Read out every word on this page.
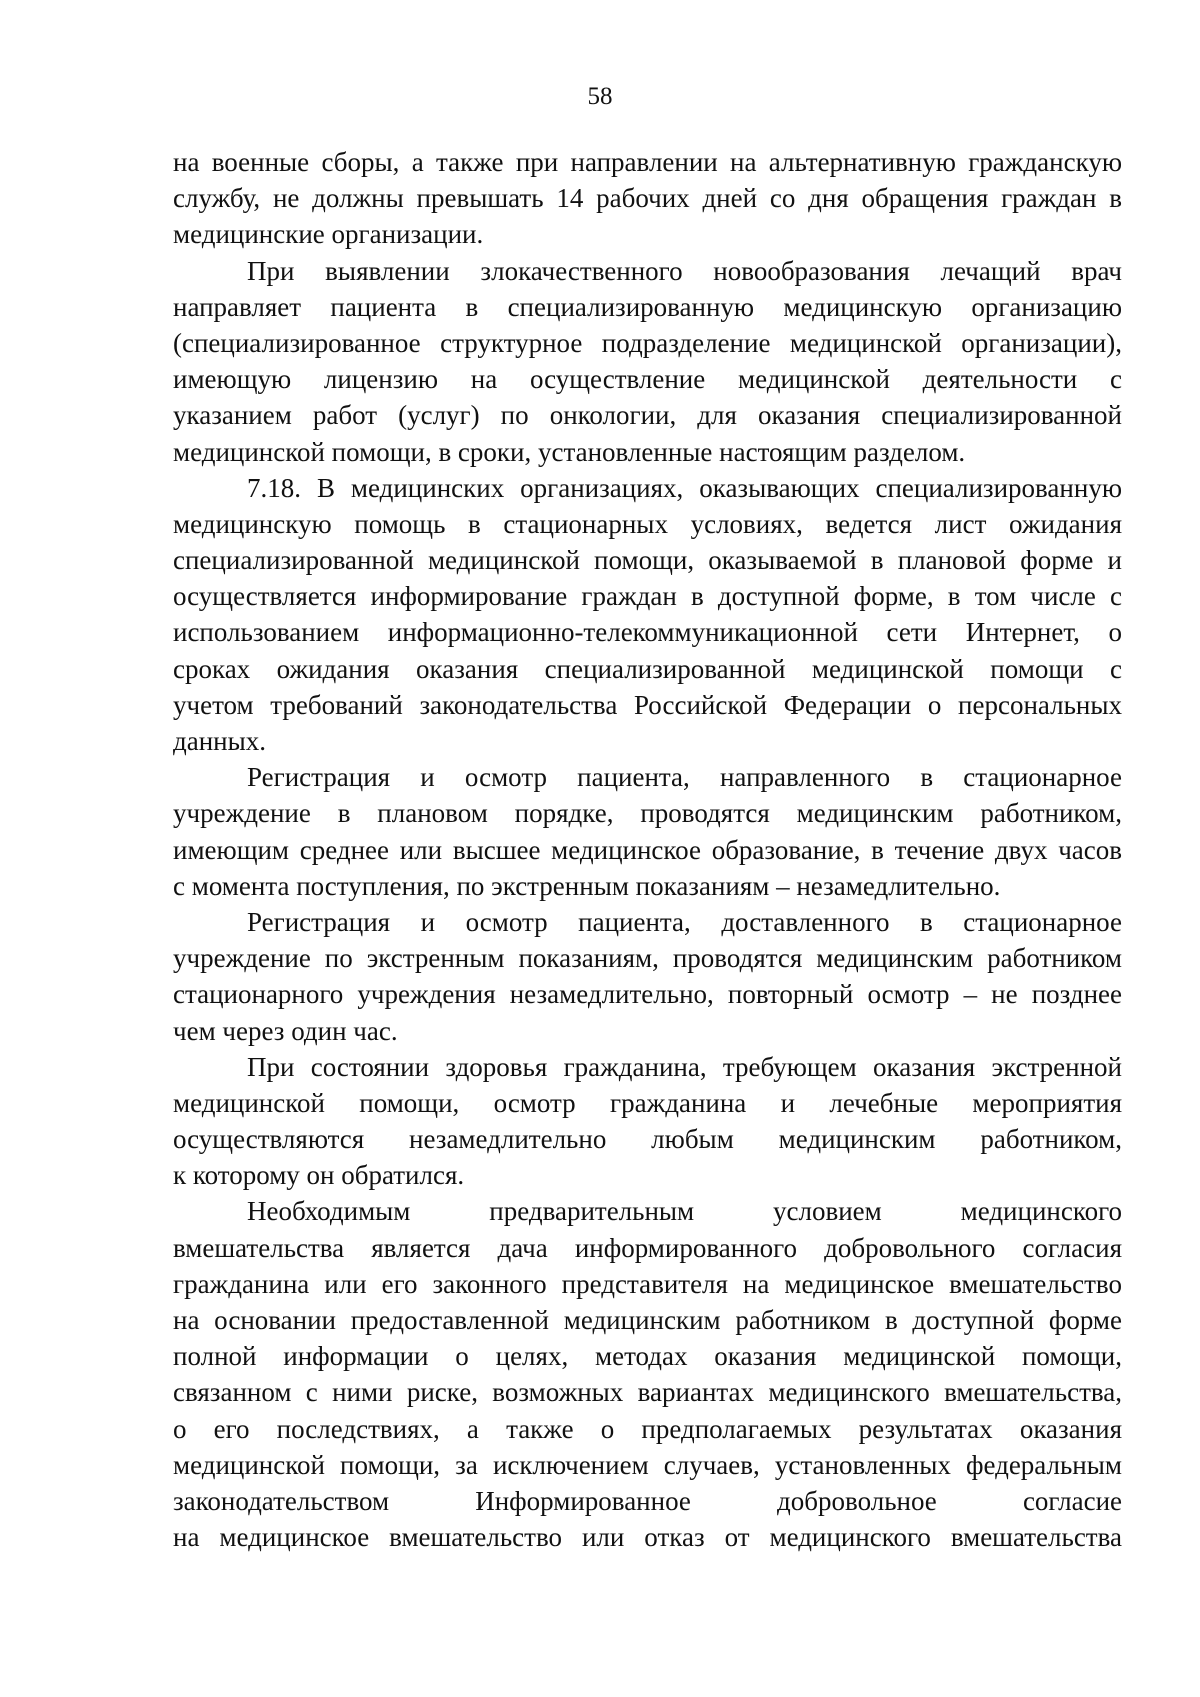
58
на военные сборы, а также при направлении на альтернативную гражданскую
службу, не должны превышать 14 рабочих дней со дня обращения граждан в
медицинские организации.
При выявлении злокачественного новообразования лечащий врач
направляет пациента в специализированную медицинскую организацию
(специализированное структурное подразделение медицинской организации),
имеющую лицензию на осуществление медицинской деятельности с
указанием работ (услуг) по онкологии, для оказания специализированной
медицинской помощи, в сроки, установленные настоящим разделом.
7.18. В медицинских организациях, оказывающих специализированную
медицинскую помощь в стационарных условиях, ведется лист ожидания
специализированной медицинской помощи, оказываемой в плановой форме и
осуществляется информирование граждан в доступной форме, в том числе с
использованием информационно-телекоммуникационной сети Интернет, о
сроках ожидания оказания специализированной медицинской помощи с
учетом требований законодательства Российской Федерации о персональных
данных.
Регистрация и осмотр пациента, направленного в стационарное
учреждение в плановом порядке, проводятся медицинским работником,
имеющим среднее или высшее медицинское образование, в течение двух часов
с момента поступления, по экстренным показаниям – незамедлительно.
Регистрация и осмотр пациента, доставленного в стационарное
учреждение по экстренным показаниям, проводятся медицинским работником
стационарного учреждения незамедлительно, повторный осмотр – не позднее
чем через один час.
При состоянии здоровья гражданина, требующем оказания экстренной
медицинской помощи, осмотр гражданина и лечебные мероприятия
осуществляются незамедлительно любым медицинским работником,
к которому он обратился.
Необходимым предварительным условием медицинского
вмешательства является дача информированного добровольного согласия
гражданина или его законного представителя на медицинское вмешательство
на основании предоставленной медицинским работником в доступной форме
полной информации о целях, методах оказания медицинской помощи,
связанном с ними риске, возможных вариантах медицинского вмешательства,
о его последствиях, а также о предполагаемых результатах оказания
медицинской помощи, за исключением случаев, установленных федеральным
законодательством Информированное добровольное согласие
на медицинское вмешательство или отказ от медицинского вмешательства
